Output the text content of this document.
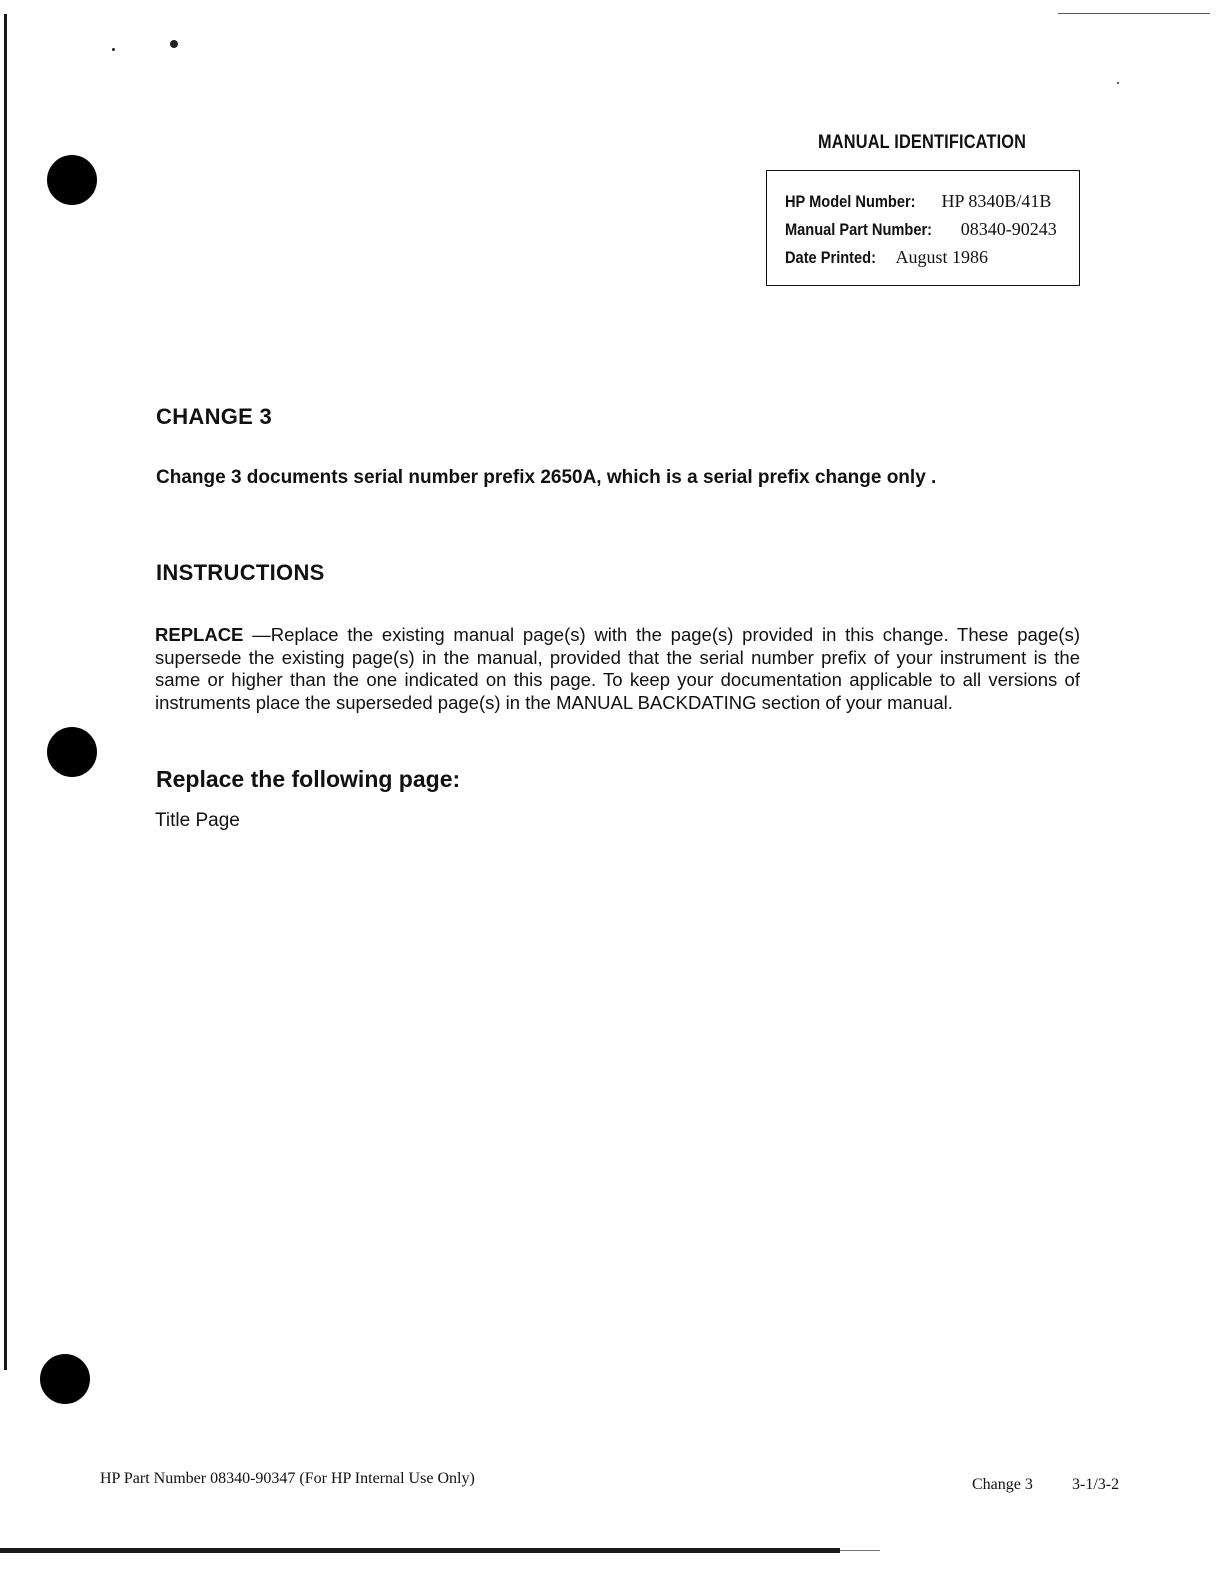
MANUAL IDENTIFICATION
HP Model Number: HP 8340B/41B
Manual Part Number: 08340-90243
Date Printed: August 1986
CHANGE 3
Change 3 documents serial number prefix 2650A, which is a serial prefix change only .
INSTRUCTIONS
REPLACE —Replace the existing manual page(s) with the page(s) provided in this change. These page(s) supersede the existing page(s) in the manual, provided that the serial number prefix of your instrument is the same or higher than the one indicated on this page. To keep your documentation applicable to all versions of instruments place the superseded page(s) in the MANUAL BACKDATING section of your manual.
Replace the following page:
Title Page
HP Part Number 08340-90347 (For HP Internal Use Only)	Change 3 3-1/3-2
